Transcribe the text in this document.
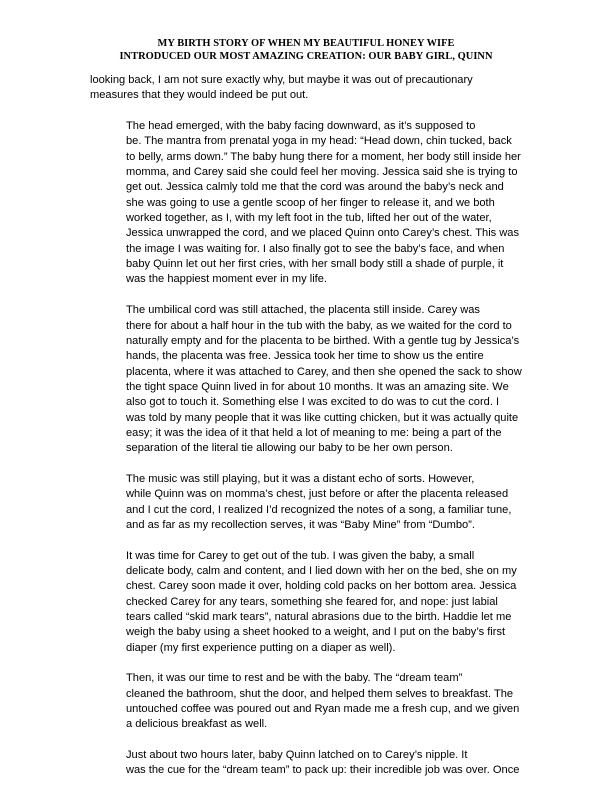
MY BIRTH STORY OF WHEN MY BEAUTIFUL HONEY WIFE
INTRODUCED OUR MOST AMAZING CREATION: OUR BABY GIRL, QUINN

looking back, I am not sure exactly why, but maybe it was out of precautionary
measures that they would indeed be put out.

The head emerged, with the baby facing downward, as it’s supposed to
be. The mantra from prenatal yoga in my head: “Head down, chin tucked, back
to belly, arms down.” The baby hung there for a moment, her body still inside her
momma, and Carey said she could feel her moving. Jessica said she is trying to
get out. Jessica calmly told me that the cord was around the baby’s neck and
she was going to use a gentle scoop of her finger to release it, and we both
worked together, as I, with my left foot in the tub, lifted her out of the water,
Jessica unwrapped the cord, and we placed Quinn onto Carey’s chest. This was
the image I was waiting for. I also finally got to see the baby’s face, and when
baby Quinn let out her first cries, with her small body still a shade of purple, it
was the happiest moment ever in my life.

The umbilical cord was still attached, the placenta still inside. Carey was
there for about a half hour in the tub with the baby, as we waited for the cord to
naturally empty and for the placenta to be birthed. With a gentle tug by Jessica’s
hands, the placenta was free. Jessica took her time to show us the entire
placenta, where it was attached to Carey, and then she opened the sack to show
the tight space Quinn lived in for about 10 months. It was an amazing site. We
also got to touch it. Something else I was excited to do was to cut the cord. I
was told by many people that it was like cutting chicken, but it was actually quite
easy; it was the idea of it that held a lot of meaning to me: being a part of the
separation of the literal tie allowing our baby to be her own person.

The music was still playing, but it was a distant echo of sorts. However,
while Quinn was on momma’s chest, just before or after the placenta released
and I cut the cord, I realized I’d recognized the notes of a song, a familiar tune,
and as far as my recollection serves, it was “Baby Mine” from “Dumbo”.

It was time for Carey to get out of the tub. I was given the baby, a small
delicate body, calm and content, and I lied down with her on the bed, she on my
chest. Carey soon made it over, holding cold packs on her bottom area. Jessica
checked Carey for any tears, something she feared for, and nope: just labial
tears called “skid mark tears”, natural abrasions due to the birth. Haddie let me
weigh the baby using a sheet hooked to a weight, and I put on the baby’s first
diaper (my first experience putting on a diaper as well).

Then, it was our time to rest and be with the baby. The “dream team”
cleaned the bathroom, shut the door, and helped them selves to breakfast. The
untouched coffee was poured out and Ryan made me a fresh cup, and we given
a delicious breakfast as well.

Just about two hours later, baby Quinn latched on to Carey’s nipple. It
was the cue for the “dream team” to pack up: their incredible job was over. Once
